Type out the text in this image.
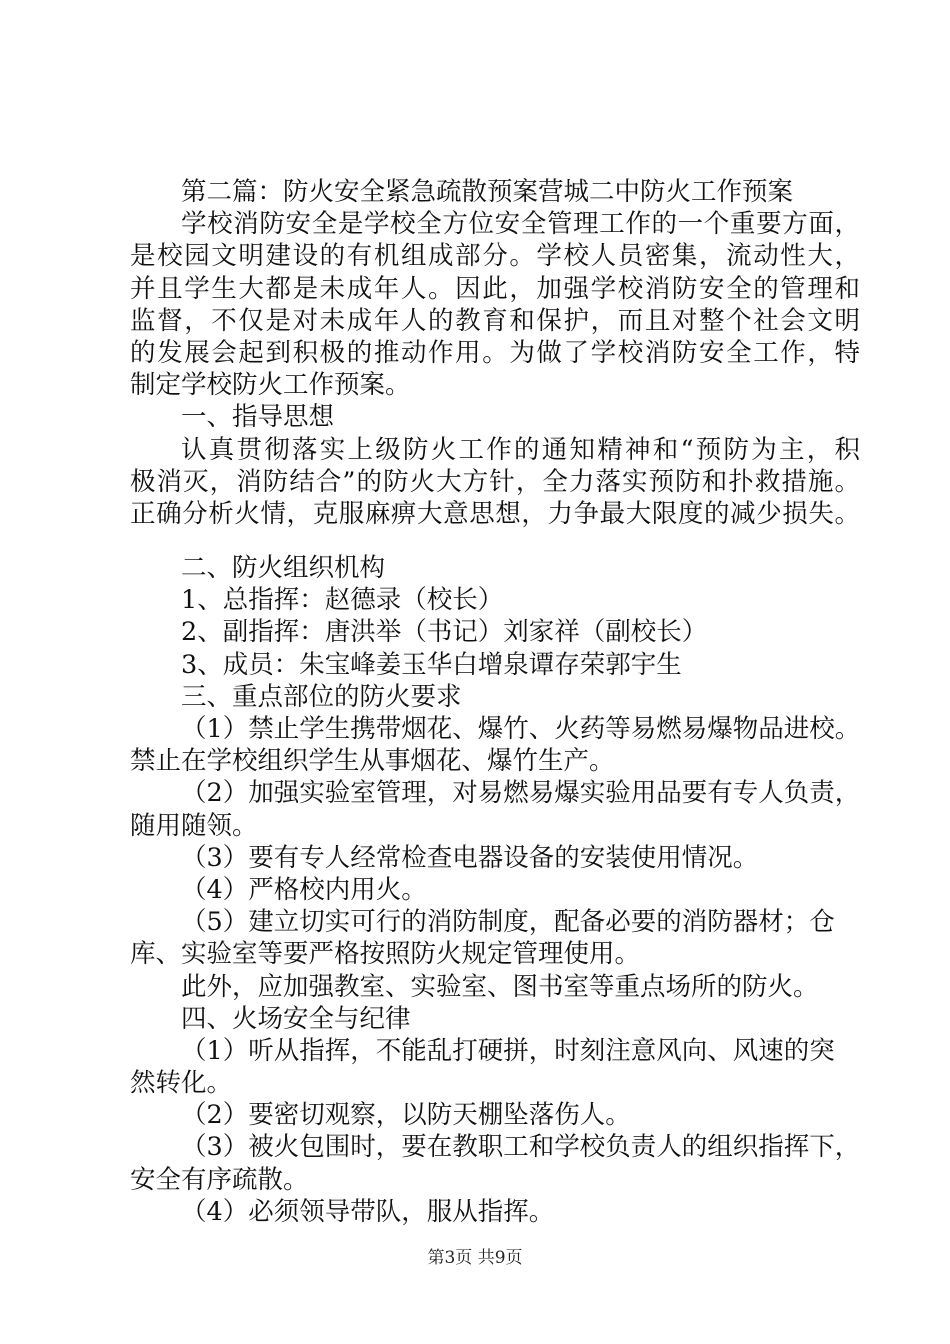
第二篇：防火安全紧急疏散预案营城二中防火工作预案
学校消防安全是学校全方位安全管理工作的一个重要方面，
是校园文明建设的有机组成部分。学校人员密集，流动性大，
并且学生大都是未成年人。因此，加强学校消防安全的管理和
监督，不仅是对未成年人的教育和保护，而且对整个社会文明
的发展会起到积极的推动作用。为做了学校消防安全工作，特
制定学校防火工作预案。
一、指导思想
认真贯彻落实上级防火工作的通知精神和“预防为主，积
极消灭，消防结合”的防火大方针，全力落实预防和扑救措施。
正确分析火情，克服麻痹大意思想，力争最大限度的减少损失。
二、防火组织机构
1、总指挥：赵德录（校长）
2、副指挥：唐洪举（书记）刘家祥（副校长）
3、成员：朱宝峰姜玉华白增泉谭存荣郭宇生
三、重点部位的防火要求
（1）禁止学生携带烟花、爆竹、火药等易燃易爆物品进校。
禁止在学校组织学生从事烟花、爆竹生产。
（2）加强实验室管理，对易燃易爆实验用品要有专人负责，
随用随领。
（3）要有专人经常检查电器设备的安装使用情况。
（4）严格校内用火。
（5）建立切实可行的消防制度，配备必要的消防器材；仓
库、实验室等要严格按照防火规定管理使用。
此外，应加强教室、实验室、图书室等重点场所的防火。
四、火场安全与纪律
（1）听从指挥，不能乱打硬拼，时刻注意风向、风速的突
然转化。
（2）要密切观察，以防天棚坠落伤人。
（3）被火包围时，要在教职工和学校负责人的组织指挥下，
安全有序疏散。
（4）必须领导带队，服从指挥。
第3页 共9页
